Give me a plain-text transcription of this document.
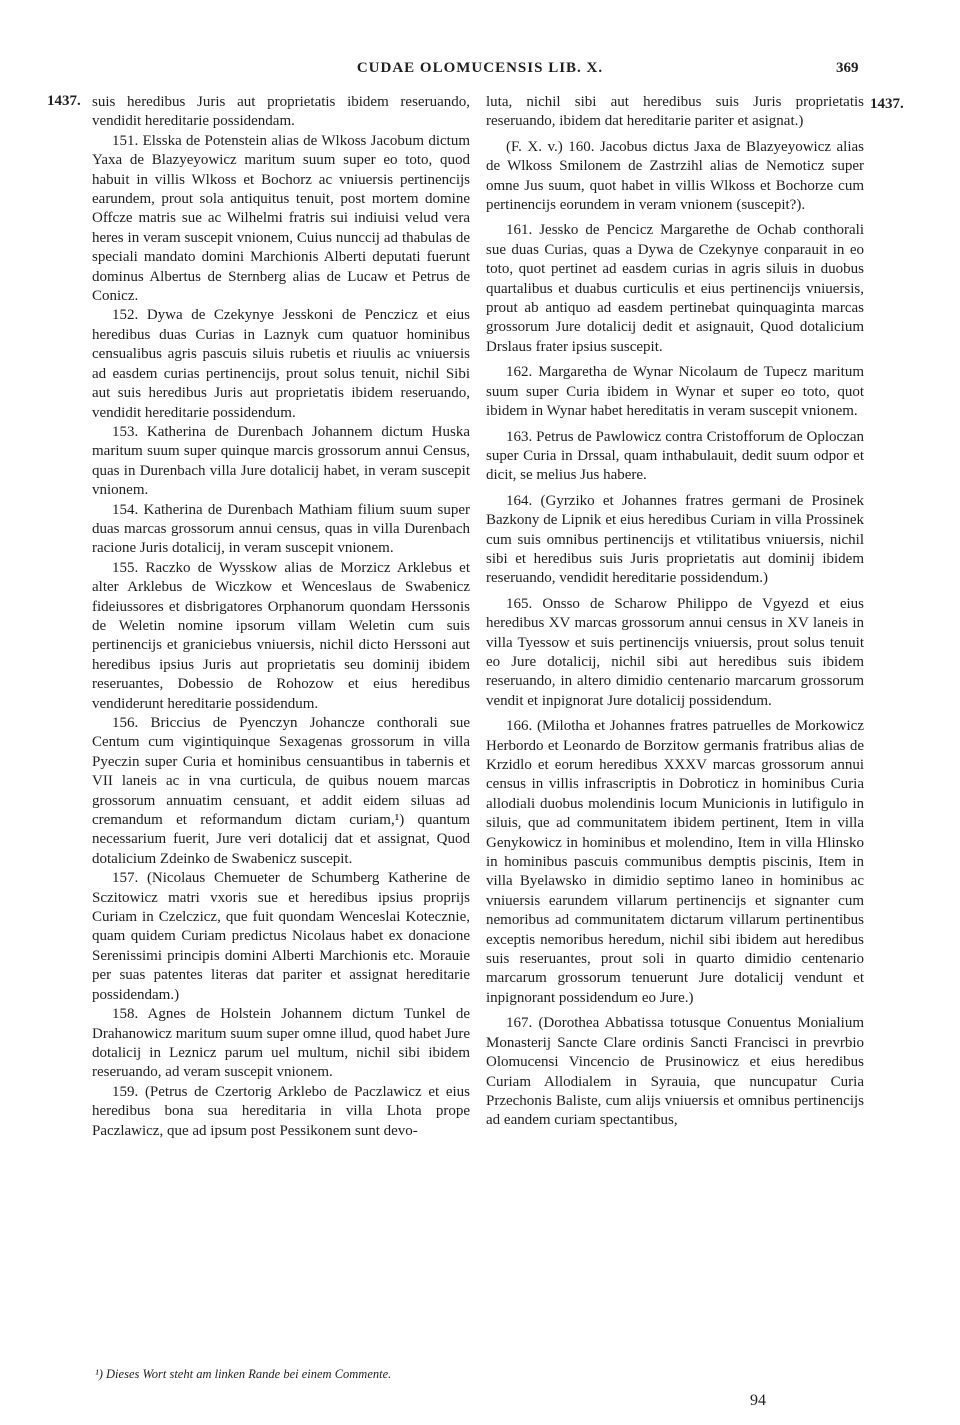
CUDAE OLOMUCENSIS LIB. X.	369
1437.	1437.

suis heredibus Juris aut proprietatis ibidem reseruando, vendidit hereditarie possidendam.

151. Elsska de Potenstein alias de Wlkoss Jacobum dictum Yaxa de Blazyeyowicz maritum suum super eo toto, quod habuit in villis Wlkoss et Bochorz ac vniuersis pertinencijs earundem, prout sola antiquitus tenuit, post mortem domine Offcze matris sue ac Wilhelmi fratris sui indiuisi velud vera heres in veram suscepit vnionem, Cuius nunccij ad thabulas de speciali mandato domini Marchionis Alberti deputati fuerunt dominus Albertus de Sternberg alias de Lucaw et Petrus de Conicz.

152. Dywa de Czekynye Jesskoni de Penczicz et eius heredibus duas Curias in Laznyk cum quatuor hominibus censualibus agris pascuis siluis rubetis et riuulis ac vniuersis ad easdem curias pertinencijs, prout solus tenuit, nichil Sibi aut suis heredibus Juris aut proprietatis ibidem reseruando, vendidit hereditarie possidendum.

153. Katherina de Durenbach Johannem dictum Huska maritum suum super quinque marcis grossorum annui Census, quas in Durenbach villa Jure dotalicij habet, in veram suscepit vnionem.

154. Katherina de Durenbach Mathiam filium suum super duas marcas grossorum annui census, quas in villa Durenbach racione Juris dotalicij, in veram suscepit vnionem.

155. Raczko de Wysskow alias de Morzicz Arklebus et alter Arklebus de Wiczkow et Wenceslaus de Swabenicz fideiussores et disbrigatores Orphanorum quondam Herssonis de Weletin nomine ipsorum villam Weletin cum suis pertinencijs et graniciebus vniuersis, nichil dicto Herssoni aut heredibus ipsius Juris aut proprietatis seu dominij ibidem reseruantes, Dobessio de Rohozow et eius heredibus vendiderunt hereditarie possidendum.

156. Briccius de Pyenczyn Johancze conthorali sue Centum cum vigintiquinque Sexagenas grossorum in villa Pyeczin super Curia et hominibus censuantibus in tabernis et VII laneis ac in vna curticula, de quibus nouem marcas grossorum annuatim censuant, et addit eidem siluas ad cremandum et reformandum dictam curiam,¹) quantum necessarium fuerit, Jure veri dotalicij dat et assignat, Quod dotalicium Zdeinko de Swabenicz suscepit.

157. (Nicolaus Chemueter de Schumberg Katherine de Sczitowicz matri vxoris sue et heredibus ipsius proprijs Curiam in Czelczicz, que fuit quondam Wenceslai Kotecznie, quam quidem Curiam predictus Nicolaus habet ex donacione Serenissimi principis domini Alberti Marchionis etc. Morauie per suas patentes literas dat pariter et assignat hereditarie possidendam.)

158. Agnes de Holstein Johannem dictum Tunkel de Drahanowicz maritum suum super omne illud, quod habet Jure dotalicij in Leznicz parum uel multum, nichil sibi ibidem reseruando, ad veram suscepit vnionem.

159. (Petrus de Czertorig Arklebo de Paczlawicz et eius heredibus bona sua hereditaria in villa Lhota prope Paczlawicz, que ad ipsum post Pessikonem sunt devo-

luta, nichil sibi aut heredibus suis Juris proprietatis reseruando, ibidem dat hereditarie pariter et asignat.)

(F. X. v.) 160. Jacobus dictus Jaxa de Blazyeyowicz alias de Wlkoss Smilonem de Zastrzihl alias de Nemoticz super omne Jus suum, quot habet in villis Wlkoss et Bochorze cum pertinencijs eorundem in veram vnionem (suscepit?).

161. Jessko de Pencicz Margarethe de Ochab conthorali sue duas Curias, quas a Dywa de Czekynye conparauit in eo toto, quot pertinet ad easdem curias in agris siluis in duobus quartalibus et duabus curticulis et eius pertinencijs vniuersis, prout ab antiquo ad easdem pertinebat quinquaginta marcas grossorum Jure dotalicij dedit et asignauit, Quod dotalicium Drslaus frater ipsius suscepit.

162. Margaretha de Wynar Nicolaum de Tupecz maritum suum super Curia ibidem in Wynar et super eo toto, quot ibidem in Wynar habet hereditatis in veram suscepit vnionem.

163. Petrus de Pawlowicz contra Cristofforum de Oploczan super Curia in Drssal, quam inthabulauit, dedit suum odpor et dicit, se melius Jus habere.

164. (Gyrziko et Johannes fratres germani de Prosinek Bazkony de Lipnik et eius heredibus Curiam in villa Prossinek cum suis omnibus pertinencijs et vtilitatibus vniuersis, nichil sibi et heredibus suis Juris proprietatis aut dominij ibidem reseruando, vendidit hereditarie possidendum.)

165. Onsso de Scharow Philippo de Vgyezd et eius heredibus XV marcas grossorum annui census in XV laneis in villa Tyessow et suis pertinencijs vniuersis, prout solus tenuit eo Jure dotalicij, nichil sibi aut heredibus suis ibidem reseruando, in altero dimidio centenario marcarum grossorum vendit et inpignorat Jure dotalicij possidendum.

166. (Milotha et Johannes fratres patruelles de Morkowicz Herbordo et Leonardo de Borzitow germanis fratribus alias de Krzidlo et eorum heredibus XXXV marcas grossorum annui census in villis infrascriptis in Dobroticz in hominibus Curia allodiali duobus molendinis locum Municionis in lutifigulo in siluis, que ad communitatem ibidem pertinent, Item in villa Genykowicz in hominibus et molendino, Item in villa Hlinsko in hominibus pascuis communibus demptis piscinis, Item in villa Byelawsko in dimidio septimo laneo in hominibus ac vniuersis earundem villarum pertinencijs et signanter cum nemoribus ad communitatem dictarum villarum pertinentibus exceptis nemoribus heredum, nichil sibi ibidem aut heredibus suis reseruantes, prout soli in quarto dimidio centenario marcarum grossorum tenuerunt Jure dotalicij vendunt et inpignorant possidendum eo Jure.)

167. (Dorothea Abbatissa totusque Conuentus Monialium Monasterij Sancte Clare ordinis Sancti Francisci in prevrbio Olomucensi Vincencio de Prusinowicz et eius heredibus Curiam Allodialem in Syrauia, que nuncupatur Curia Przechonis Baliste, cum alijs vniuersis et omnibus pertinencijs ad eandem curiam spectantibus,

¹) Dieses Wort steht am linken Rande bei einem Commente.
94
